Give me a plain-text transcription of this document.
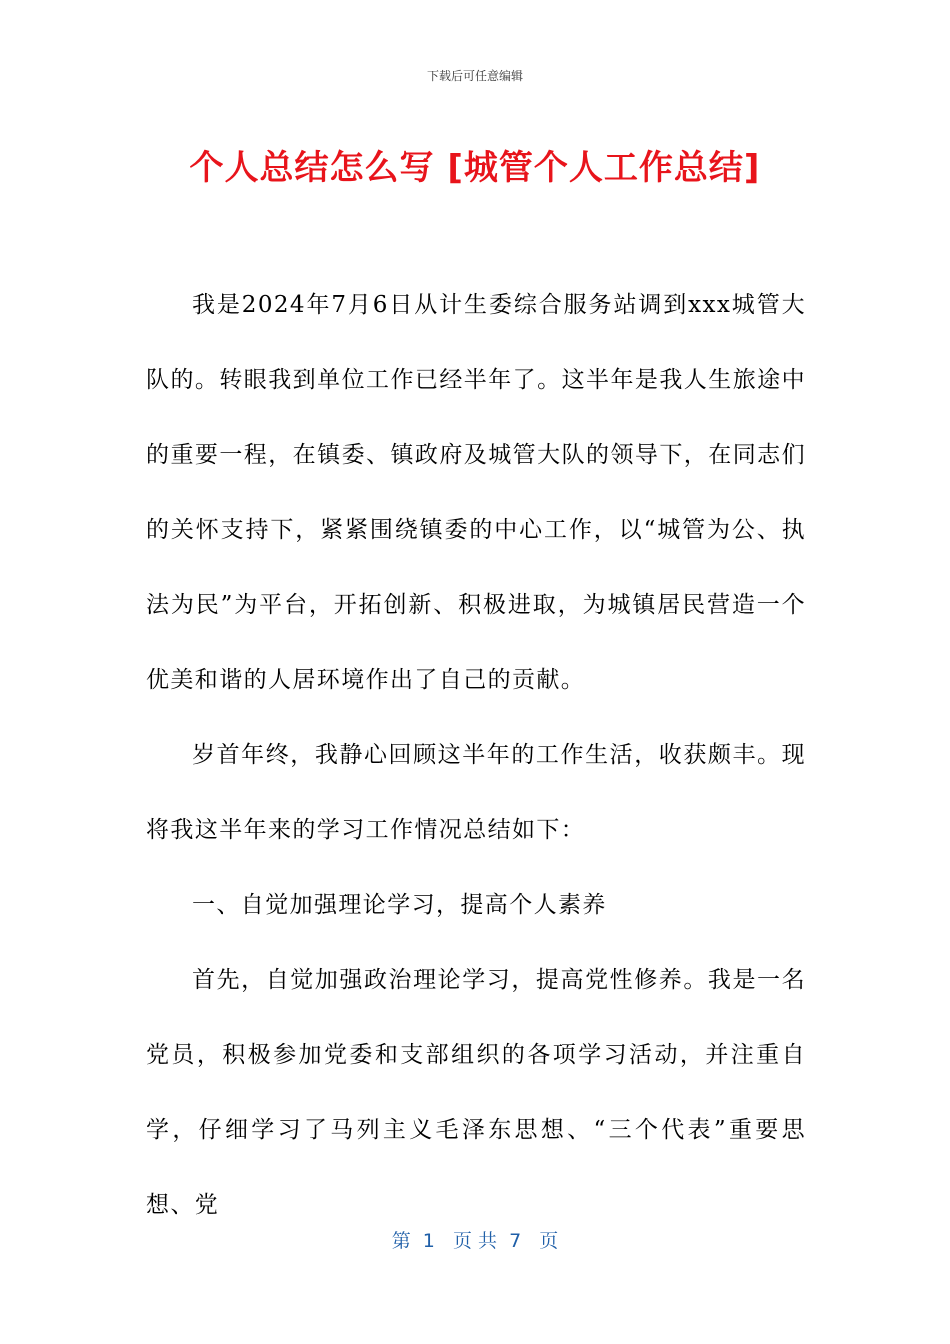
下载后可任意编辑
个人总结怎么写 [城管个人工作总结]

我是2024年7月6日从计生委综合服务站调到xxx城管大队的。转眼我到单位工作已经半年了。这半年是我人生旅途中的重要一程，在镇委、镇政府及城管大队的领导下，在同志们的关怀支持下，紧紧围绕镇委的中心工作，以“城管为公、执法为民”为平台，开拓创新、积极进取，为城镇居民营造一个优美和谐的人居环境作出了自己的贡献。

岁首年终，我静心回顾这半年的工作生活，收获颇丰。现将我这半年来的学习工作情况总结如下：

一、自觉加强理论学习，提高个人素养

首先，自觉加强政治理论学习，提高党性修养。我是一名党员，积极参加党委和支部组织的各项学习活动，并注重自学，仔细学习了马列主义毛泽东思想、“三个代表”重要思想、党

第  1   页 共  7   页
